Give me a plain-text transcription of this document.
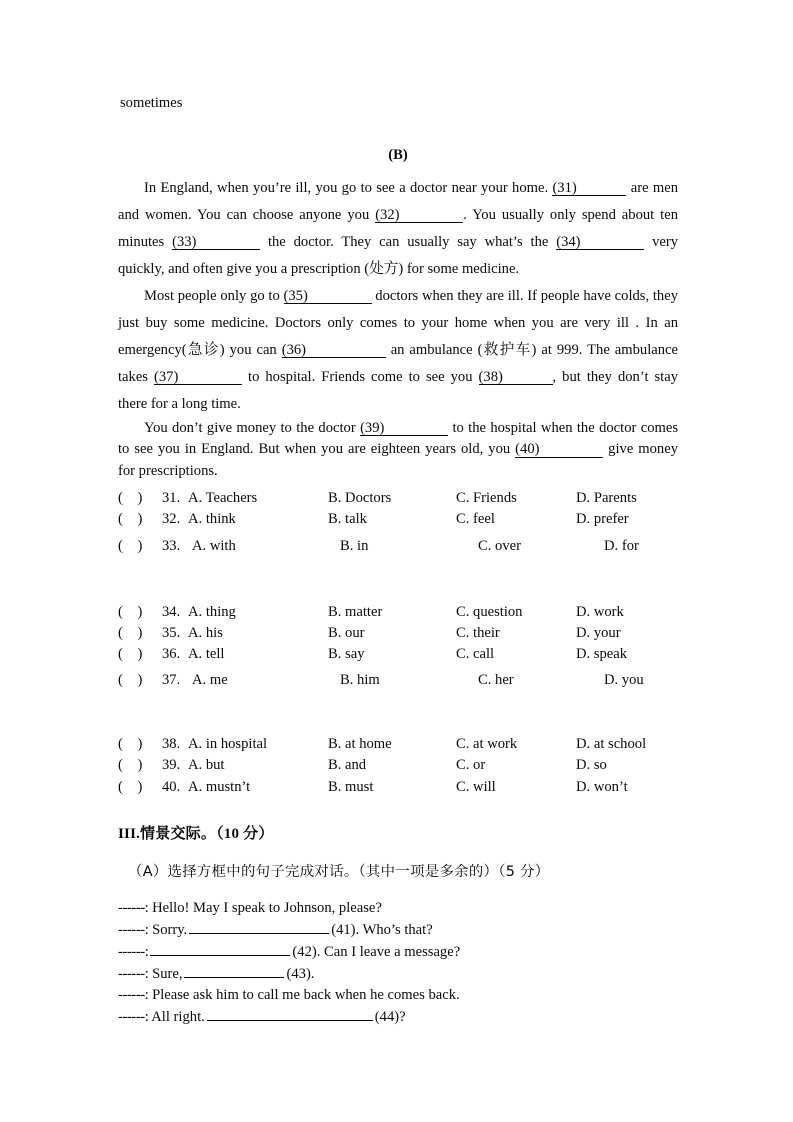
sometimes
(B)

In England, when you’re ill, you go to see a doctor near your home. (31)	are men and women. You can choose anyone you (32)	. You usually only spend about ten minutes (33)	the doctor. They can usually say what’s the (34)	very quickly, and often give you a prescription (处方) for some medicine.

Most people only go to (35)	doctors when they are ill. If people have colds, they just buy some medicine. Doctors only comes to your home when you are very ill . In an emergency(急诊) you can (36)	an ambulance (救护车) at 999. The ambulance takes (37)	to hospital. Friends come to see you (38)	, but they don’t stay there for a long time.

You don’t give money to the doctor (39)	to the hospital when the doctor comes to see you in England. But when you are eighteen years old, you (40)	give money for prescriptions.

(    )	31. A. Teachers	B. Doctors	C. Friends	D. Parents
(    )	32. A. think	B. talk	C. feel	D. prefer
(    )	33. A. with	B. in	C. over	D. for
(    )	34. A. thing	B. matter	C. question	D. work
(    )	35. A. his	B. our	C. their	D. your
(    )	36. A. tell	B. say	C. call	D. speak
(    )	37. A. me	B. him	C. her	D. you
(    )	38. A. in hospital	B. at home	C. at work	D. at school
(    )	39. A. but	B. and	C. or	D. so
(    )	40. A. mustn’t	B. must	C. will	D. won’t
III.情景交际。（10 分）
（A）选择方框中的句子完成对话。（其中一项是多余的）（5 分）
------: Hello! May I speak to Johnson, please?
------: Sorry.	(41). Who’s that?
------:	(42). Can I leave a message?
------: Sure,	(43).
------: Please ask him to call me back when he comes back.
------: All right.	(44)?
